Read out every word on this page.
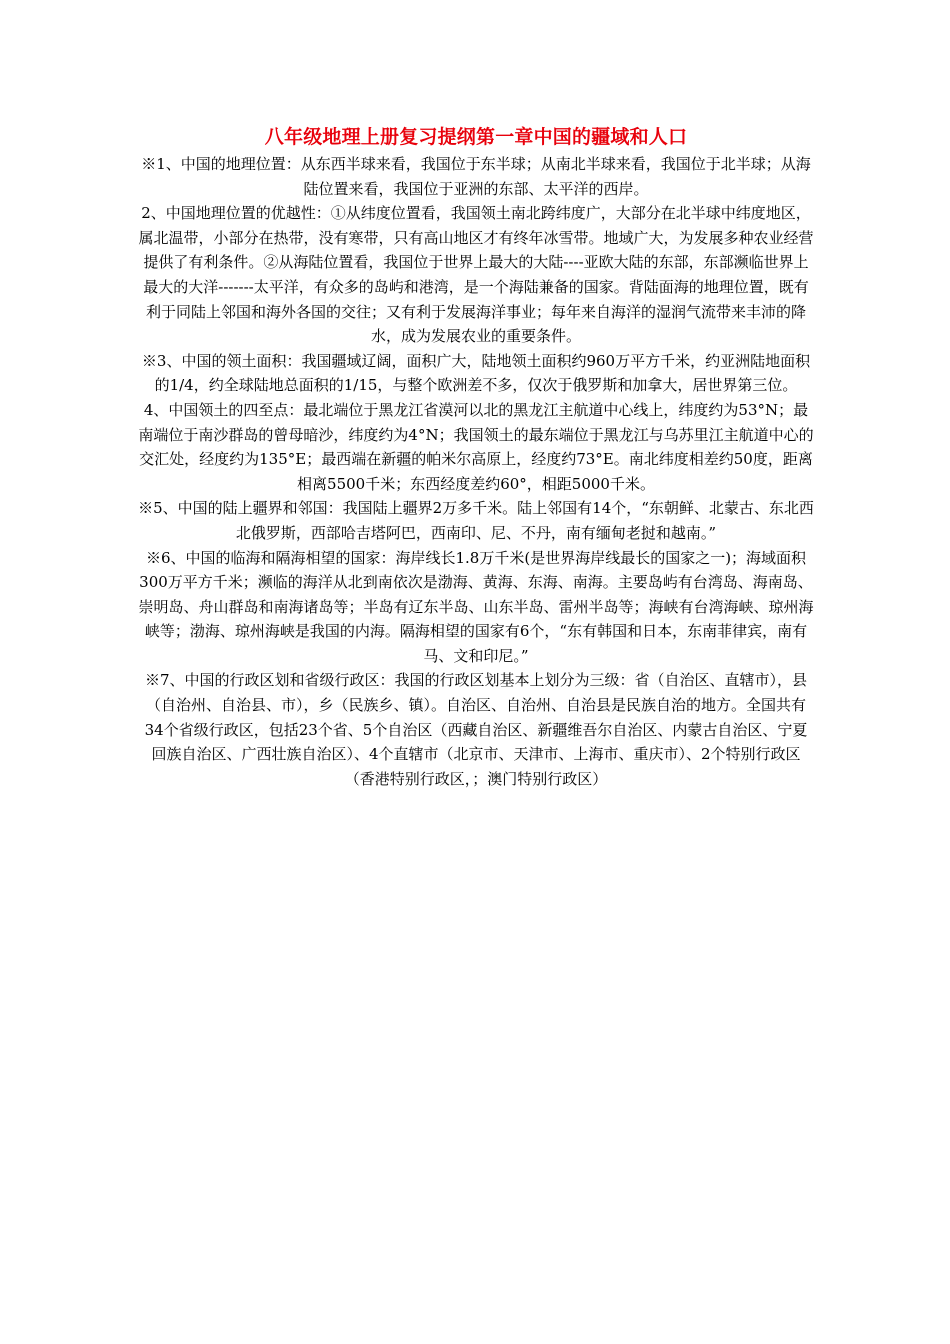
八年级地理上册复习提纲第一章中国的疆域和人口

※1、中国的地理位置：从东西半球来看，我国位于东半球；从南北半球来看，我国位于北半球；从海陆位置来看，我国位于亚洲的东部、太平洋的西岸。

2、中国地理位置的优越性：①从纬度位置看，我国领土南北跨纬度广，大部分在北半球中纬度地区，属北温带，小部分在热带，没有寒带，只有高山地区才有终年冰雪带。地域广大，为发展多种农业经营提供了有利条件。②从海陆位置看，我国位于世界上最大的大陆----亚欧大陆的东部，东部濒临世界上最大的大洋-------太平洋，有众多的岛屿和港湾，是一个海陆兼备的国家。背陆面海的地理位置，既有利于同陆上邻国和海外各国的交往；又有利于发展海洋事业；每年来自海洋的湿润气流带来丰沛的降水，成为发展农业的重要条件。

※3、中国的领土面积：我国疆域辽阔，面积广大，陆地领土面积约960万平方千米，约亚洲陆地面积的1/4，约全球陆地总面积的1/15，与整个欧洲差不多，仅次于俄罗斯和加拿大，居世界第三位。

4、中国领土的四至点：最北端位于黑龙江省漠河以北的黑龙江主航道中心线上，纬度约为53°N；最南端位于南沙群岛的曾母暗沙，纬度约为4°N；我国领土的最东端位于黑龙江与乌苏里江主航道中心的交汇处，经度约为135°E；最西端在新疆的帕米尔高原上，经度约73°E。南北纬度相差约50度，距离相离5500千米；东西经度差约60°，相距5000千米。

※5、中国的陆上疆界和邻国：我国陆上疆界2万多千米。陆上邻国有14个，“东朝鲜、北蒙古、东北西北俄罗斯，西部哈吉塔阿巴，西南印、尼、不丹，南有缅甸老挝和越南。”

※6、中国的临海和隔海相望的国家：海岸线长1.8万千米(是世界海岸线最长的国家之一)；海域面积300万平方千米；濒临的海洋从北到南依次是渤海、黄海、东海、南海。主要岛屿有台湾岛、海南岛、崇明岛、舟山群岛和南海诸岛等；半岛有辽东半岛、山东半岛、雷州半岛等；海峡有台湾海峡、琼州海峡等；渤海、琼州海峡是我国的内海。隔海相望的国家有6个，“东有韩国和日本，东南菲律宾，南有马、文和印尼。”

※7、中国的行政区划和省级行政区：我国的行政区划基本上划分为三级：省（自治区、直辖市），县（自治州、自治县、市），乡（民族乡、镇）。自治区、自治州、自治县是民族自治的地方。全国共有34个省级行政区，包括23个省、5个自治区（西藏自治区、新疆维吾尔自治区、内蒙古自治区、宁夏回族自治区、广西壮族自治区）、4个直辖市（北京市、天津市、上海市、重庆市）、2个特别行政区（香港特别行政区，；澳门特别行政区）
